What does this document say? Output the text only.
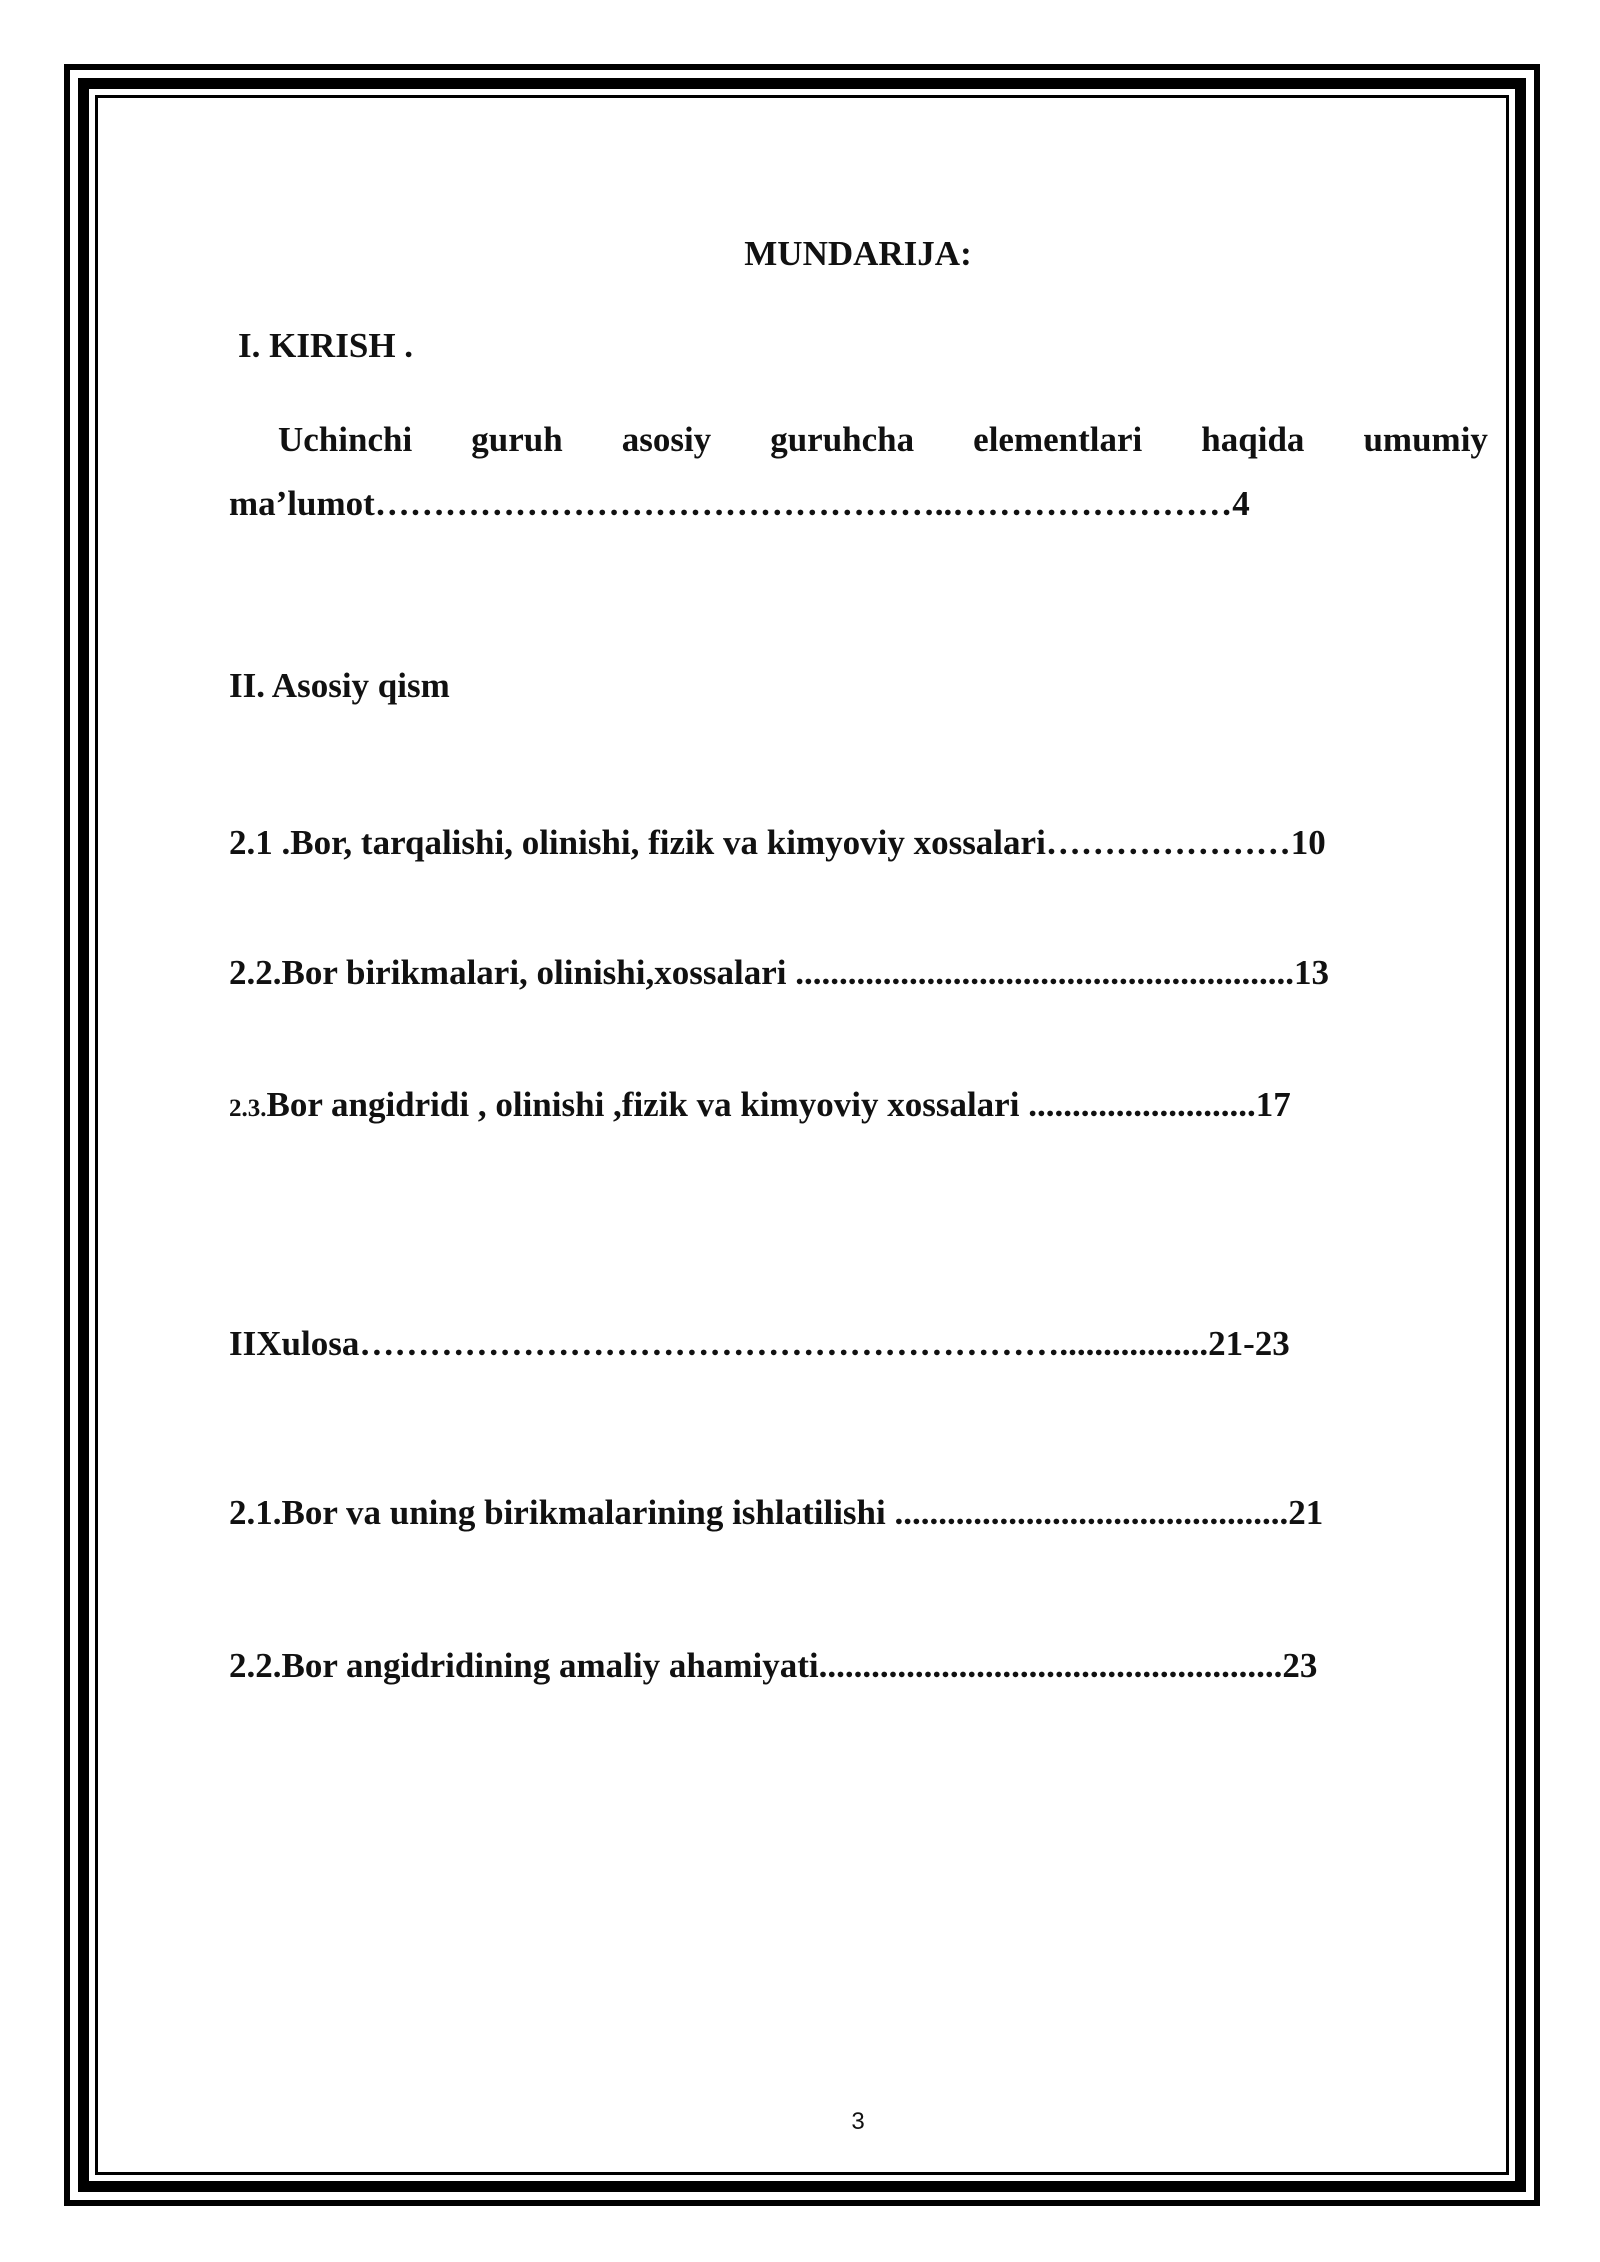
MUNDARIJA:
I. KIRISH .
Uchinchi guruh asosiy guruhcha elementlari haqida umumiy
ma’lumot…………………………………………..……………………4
II. Asosiy qism
2.1 .Bor, tarqalishi, olinishi, fizik va kimyoviy xossalari…………………10
2.2.Bor birikmalari, olinishi,xossalari .........................................................13
2.3.Bor angidridi , olinishi ,fizik va kimyoviy xossalari ..........................17
IIXulosa…………………………………………………….................21-23
2.1.Bor va uning birikmalarining ishlatilishi .............................................21
2.2.Bor angidridining amaliy ahamiyati.....................................................23
3
